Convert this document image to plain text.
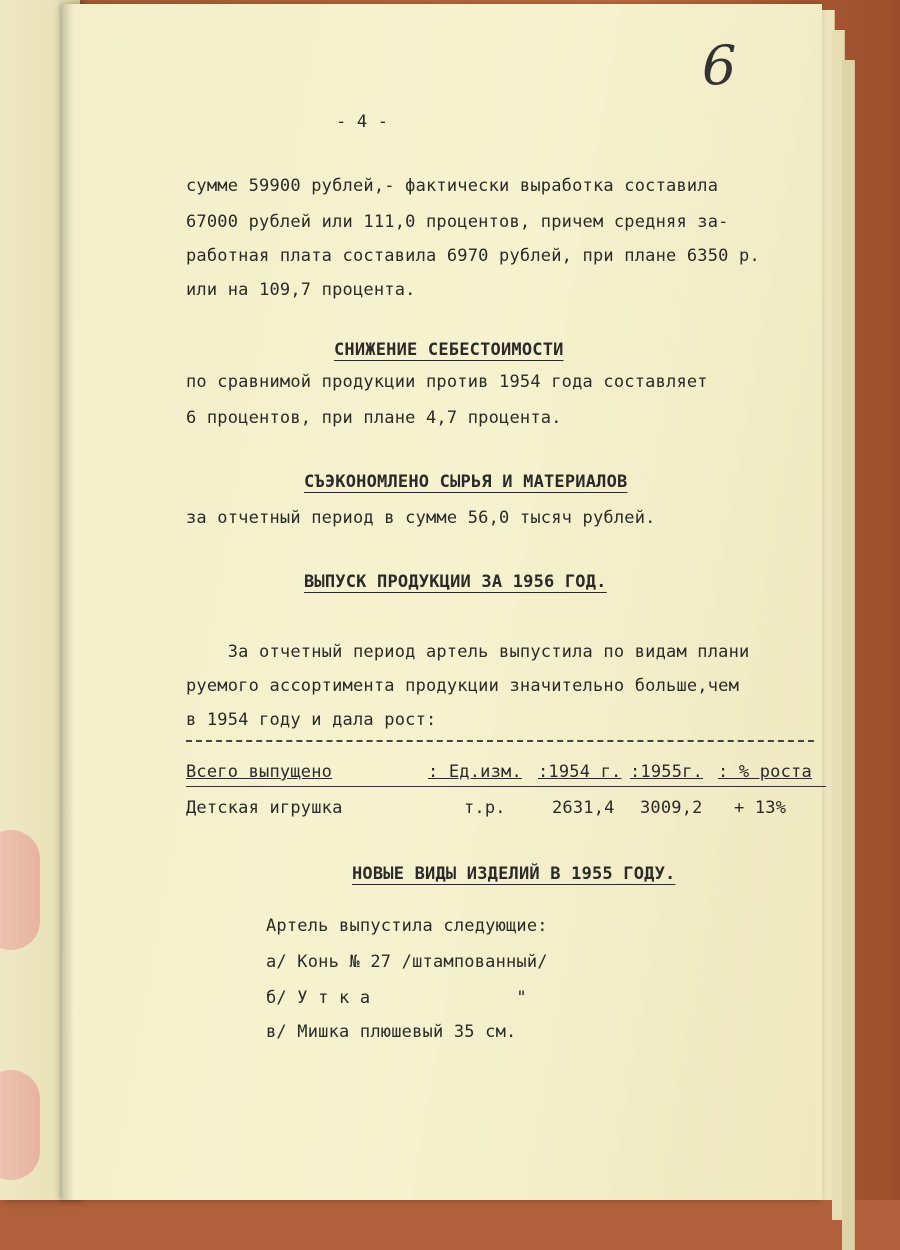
- 4 -
6
сумме 59900 рублей,- фактически выработка составила
67000 рублей или 111,0 процентов, причем средняя за-
работная плата составила 6970 рублей, при плане 6350 р.
или на 109,7 процента.
СНИЖЕНИЕ СЕБЕСТОИМОСТИ
по сравнимой продукции против 1954 года составляет
6 процентов, при плане 4,7 процента.
СЪЭКОНОМЛЕНО СЫРЬЯ И МАТЕРИАЛОВ
за отчетный период в сумме 56,0 тысяч рублей.
ВЫПУСК ПРОДУКЦИИ ЗА 1956 ГОД.
За отчетный период артель выпустила по видам плани
руемого ассортимента продукции значительно больше,чем
в 1954 году и дала рост:
Всего выпущено	: Ед.изм. :1954 г. :1955г. : % роста
Детская игрушка	т.р.	2631,4 3009,2 + 13%
НОВЫЕ ВИДЫ ИЗДЕЛИЙ В 1955 ГОДУ.
Артель выпустила следующие:
а/ Конь № 27 /штампованный/
б/ У т к а              "
в/ Мишка плюшевый 35 см.
